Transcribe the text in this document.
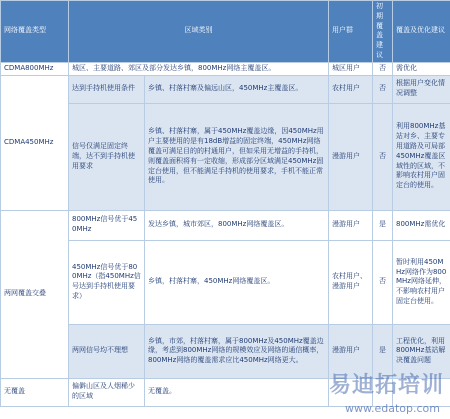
网络覆盖类型	区域类别		用户群	初期覆盖建议	覆盖及优化建议
CDMA800MHz	城区、主要道路、郊区及部分发达乡镇，800MHz网络主覆盖区。		城区用户	否	需优化
CDMA450MHz	达到手持机使用条件	乡镇、村落村寨及偏远山区，450MHz主覆盖区。	农村用户	否	根据用户变化情况调整
	信号仅满足固定终端，达不到手持机使用要求	乡镇、村落村寨，属于450MHz覆盖边缘，因450MHz用户主要使用的是有18dB增益的固定终端，450MHz网络覆盖可满足目的的村通用户，但如采用无增益的手持机，则覆盖面积将有一定收缩，形成部分区域满足450MHz固定台使用，但不能满足手持机的使用要求，手机不能正常使用。	漫游用户	否	利用800MHz基站对乡、主要专用道路及可局部450MHz覆盖区域性的区域，不影响农村用户固定台的使用。
两网覆盖交叠	800MHz信号优于450MHz	发达乡镇，城市郊区，800MHz网络覆盖区。	漫游用户	是	800MHz需优化
	450MHz信号优于800MHz（指450MHz信号达到手持机使用要求）	乡镇，村落村寨，450MHz网络覆盖区。	农村用户、漫游用户	否	暂时利用450MHz网络作为800MHz网络延伸，不影响农村用户固定台使用。
	两网信号均不理想	乡镇，市郊，村落村寨，属于800MHz及450MHz覆盖边缘，考虑到800MHz网络的规模效应及网络的通信概率，800MHz网络的覆盖需求应比450MHz网络更大。	漫游用户	是	工程优化，利用800MHz基站解决覆盖问题
无覆盖	偏僻山区及人烟稀少的区域	无覆盖。				易迪拓培训
www.edatop.com
